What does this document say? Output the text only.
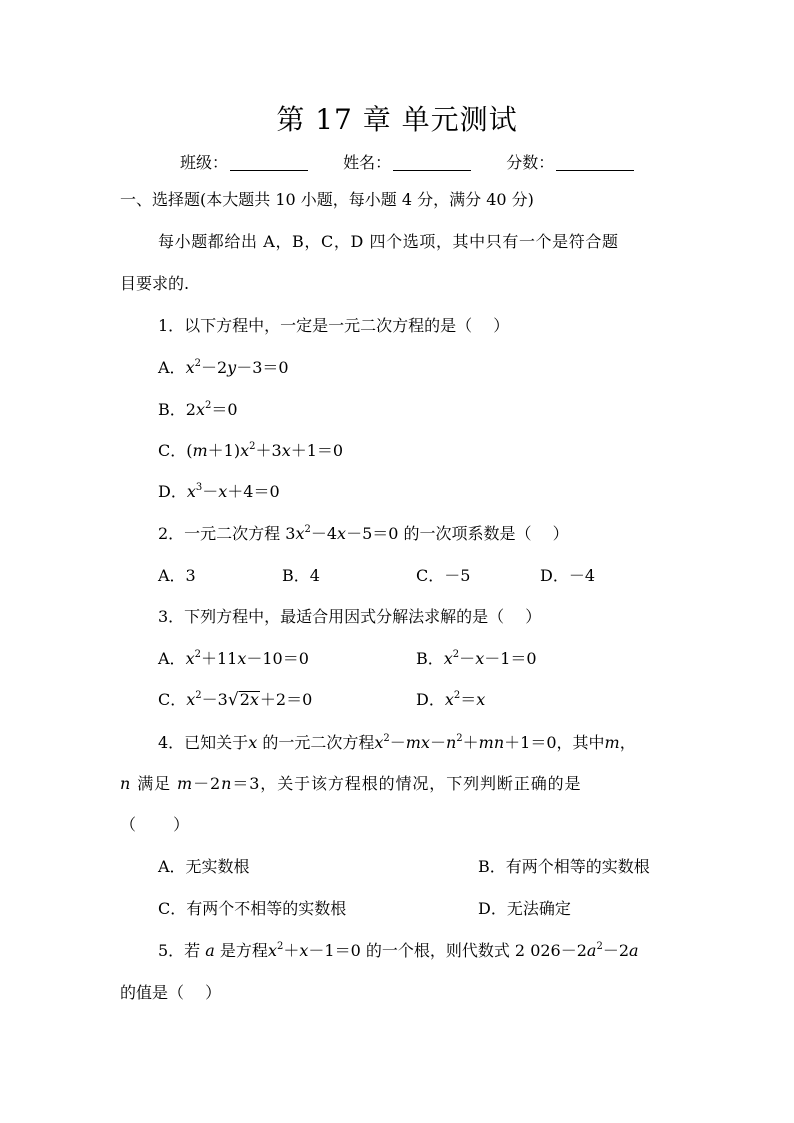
第 17 章 单元测试
班级：	姓名：	分数：
一、选择题(本大题共 10 小题，每小题 4 分，满分 40 分)
每小题都给出 A，B，C，D 四个选项，其中只有一个是符合题
目要求的.
1．以下方程中，一定是一元二次方程的是（　 ）
A．$x^2-2y-3=0$
B．$2x^2=0$
C．$(m+1)x^2+3x+1=0$
D．$x^3-x+4=0$
2．一元二次方程 $3x^2-4x-5=0$ 的一次项系数是（　 ）
A．3	B．4	C．－5	D．－4
3．下列方程中，最适合用因式分解法求解的是（　 ）
A．$x^2+11x-10=0$	B．$x^2-x-1=0$
C．$x^2-3√2x+2=0$	D．$x^2=x$
4．已知关于x 的一元二次方程$x^2-mx-n^2+mn+1=0$，其中m，
n 满足 m－2n＝3，关于该方程根的情况，下列判断正确的是
（　　 ）
A．无实数根	B．有两个相等的实数根
C．有两个不相等的实数根	D．无法确定
5．若 a 是方程$x^2+x-1=0$ 的一个根，则代数式 2 $026-2a^2-2a$
的值是（　 ）
